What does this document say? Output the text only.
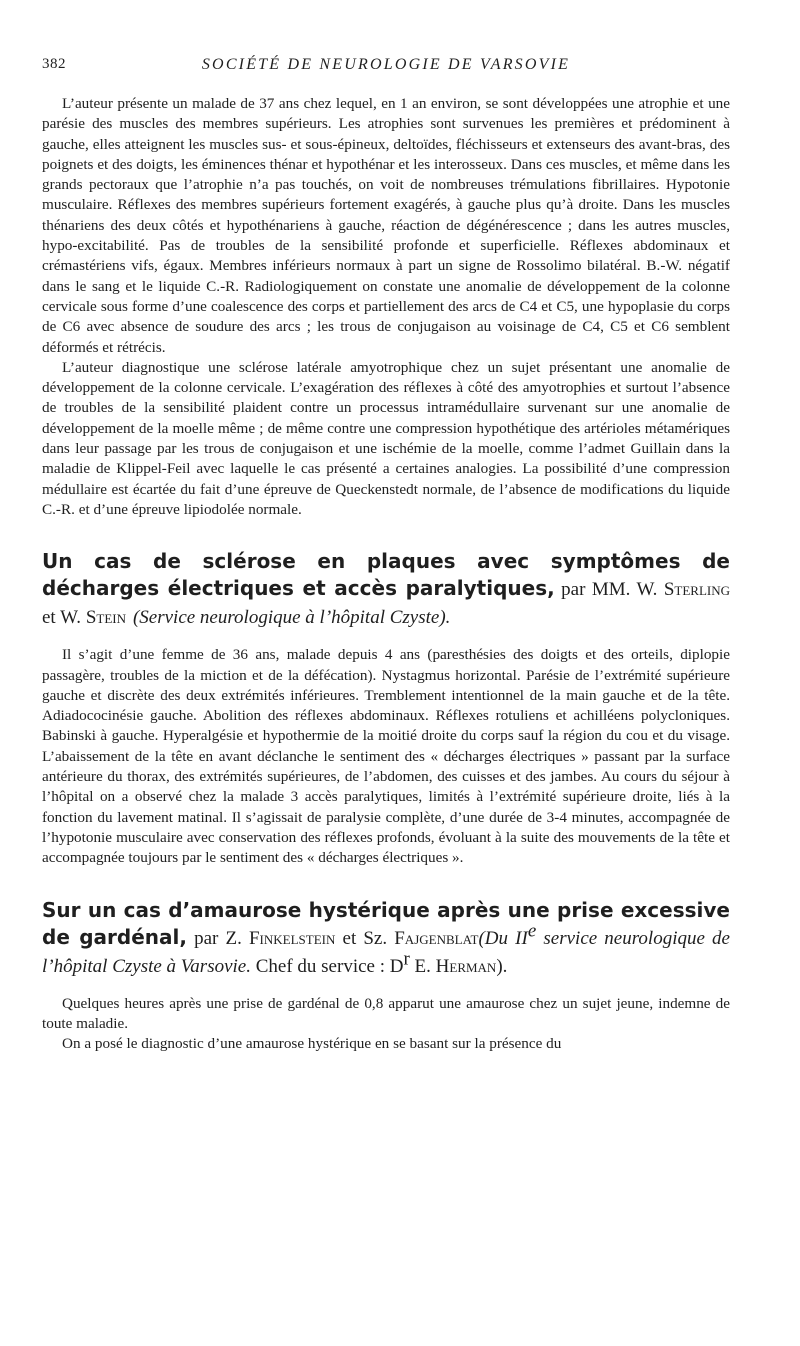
382	SOCIÉTÉ DE NEUROLOGIE DE VARSOVIE

L’auteur présente un malade de 37 ans chez lequel, en 1 an environ, se sont développées une atrophie et une parésie des muscles des membres supérieurs. Les atrophies sont survenues les premières et prédominent à gauche, elles atteignent les muscles sus- et sous-épineux, deltoïdes, fléchisseurs et extenseurs des avant-bras, des poignets et des doigts, les éminences thénar et hypothénar et les interosseux. Dans ces muscles, et même dans les grands pectoraux que l’atrophie n’a pas touchés, on voit de nombreuses trémulations fibrillaires. Hypotonie musculaire. Réflexes des membres supérieurs fortement exagérés, à gauche plus qu’à droite. Dans les muscles thénariens des deux côtés et hypothénariens à gauche, réaction de dégénérescence ; dans les autres muscles, hypo-excitabilité. Pas de troubles de la sensibilité profonde et superficielle. Réflexes abdominaux et crémastériens vifs, égaux. Membres inférieurs normaux à part un signe de Rossolimo bilatéral. B.-W. négatif dans le sang et le liquide C.-R. Radiologiquement on constate une anomalie de développement de la colonne cervicale sous forme d’une coalescence des corps et partiellement des arcs de C4 et C5, une hypoplasie du corps de C6 avec absence de soudure des arcs ; les trous de conjugaison au voisinage de C4, C5 et C6 semblent déformés et rétrécis.

L’auteur diagnostique une sclérose latérale amyotrophique chez un sujet présentant une anomalie de développement de la colonne cervicale. L’exagération des réflexes à côté des amyotrophies et surtout l’absence de troubles de la sensibilité plaident contre un processus intramédullaire survenant sur une anomalie de développement de la moelle même ; de même contre une compression hypothétique des artérioles métamériques dans leur passage par les trous de conjugaison et une ischémie de la moelle, comme l’admet Guillain dans la maladie de Klippel-Feil avec laquelle le cas présenté a certaines analogies. La possibilité d’une compression médullaire est écartée du fait d’une épreuve de Queckenstedt normale, de l’absence de modifications du liquide C.-R. et d’une épreuve lipiodolée normale.

Un cas de sclérose en plaques avec symptômes de décharges électriques et accès paralytiques, par MM. W. Sterling et W. Stein (Service neurologique à l’hôpital Czyste).

Il s’agit d’une femme de 36 ans, malade depuis 4 ans (paresthésies des doigts et des orteils, diplopie passagère, troubles de la miction et de la défécation). Nystagmus horizontal. Parésie de l’extrémité supérieure gauche et discrète des deux extrémités inférieures. Tremblement intentionnel de la main gauche et de la tête. Adiadococinésie gauche. Abolition des réflexes abdominaux. Réflexes rotuliens et achilléens polycloniques. Babinski à gauche. Hyperalgésie et hypothermie de la moitié droite du corps sauf la région du cou et du visage. L’abaissement de la tête en avant déclanche le sentiment des « décharges électriques » passant par la surface antérieure du thorax, des extrémités supérieures, de l’abdomen, des cuisses et des jambes. Au cours du séjour à l’hôpital on a observé chez la malade 3 accès paralytiques, limités à l’extrémité supérieure droite, liés à la fonction du lavement matinal. Il s’agissait de paralysie complète, d’une durée de 3-4 minutes, accompagnée de l’hypotonie musculaire avec conservation des réflexes profonds, évoluant à la suite des mouvements de la tête et accompagnée toujours par le sentiment des « décharges électriques ».

Sur un cas d’amaurose hystérique après une prise excessive de gardénal, par Z. Finkelstein et Sz. Fajgenblat(Du IIe service neurologique de l’hôpital Czyste à Varsovie. Chef du service : D$^r$ E. Herman).

Quelques heures après une prise de gardénal de 0,8 apparut une amaurose chez un sujet jeune, indemne de toute maladie.

On a posé le diagnostic d’une amaurose hystérique en se basant sur la présence du
